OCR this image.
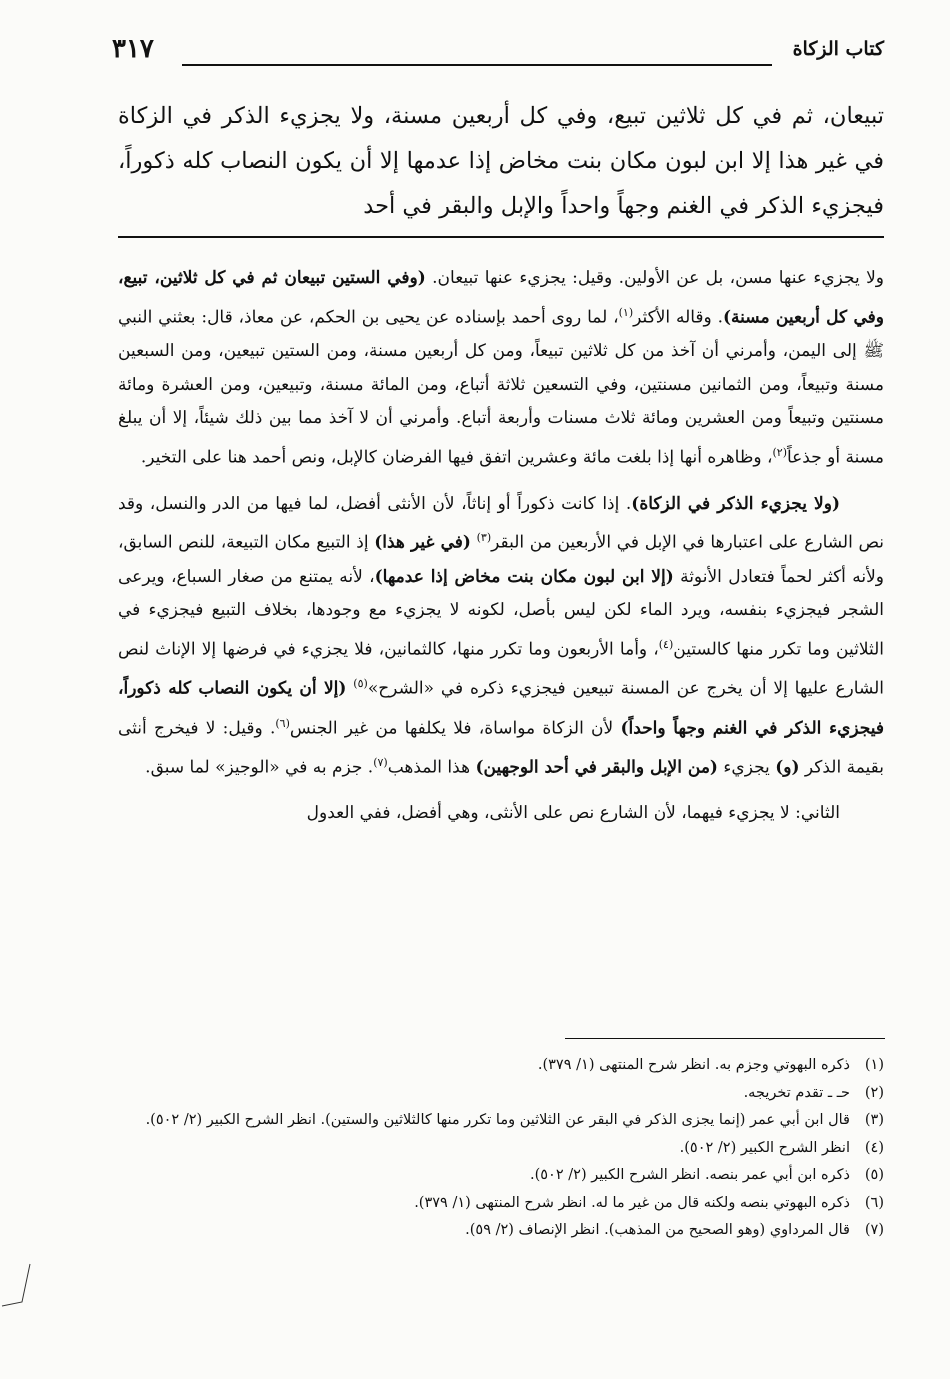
كتاب الزكاة
٣١٧

تبيعان، ثم في كل ثلاثين تبيع، وفي كل أربعين مسنة، ولا يجزيء الذكر في الزكاة في غير هذا إلا ابن لبون مكان بنت مخاض إذا عدمها إلا أن يكون النصاب كله ذكوراً، فيجزيء الذكر في الغنم وجهاً واحداً والإبل والبقر في أحد

ولا يجزيء عنها مسن، بل عن الأولين. وقيل: يجزيء عنها تبيعان. (وفي الستين تبيعان ثم في كل ثلاثين، تبيع، وفي كل أربعين مسنة). وقاله الأكثر$^{(١)}$، لما روى أحمد بإسناده عن يحيى بن الحكم، عن معاذ، قال: بعثني النبي ﷺ إلى اليمن، وأمرني أن آخذ من كل ثلاثين تبيعاً، ومن كل أربعين مسنة، ومن الستين تبيعين، ومن السبعين مسنة وتبيعاً، ومن الثمانين مسنتين، وفي التسعين ثلاثة أتباع، ومن المائة مسنة، وتبيعين، ومن العشرة ومائة مسنتين وتبيعاً ومن العشرين ومائة ثلاث مسنات وأربعة أتباع. وأمرني أن لا آخذ مما بين ذلك شيئاً، إلا أن يبلغ مسنة أو جذعاً$^{(٢)}$، وظاهره أنها إذا بلغت مائة وعشرين اتفق فيها الفرضان كالإبل، ونص أحمد هنا على التخير.

(ولا يجزيء الذكر في الزكاة). إذا كانت ذكوراً أو إناثاً، لأن الأنثى أفضل، لما فيها من الدر والنسل، وقد نص الشارع على اعتبارها في الإبل في الأربعين من البقر$^{(٣)}$ (في غير هذا) إذ التبيع مكان التبيعة، للنص السابق، ولأنه أكثر لحماً فتعادل الأنوثة (إلا ابن لبون مكان بنت مخاض إذا عدمها)، لأنه يمتنع من صغار السباع، ويرعى الشجر فيجزيء بنفسه، ويرد الماء لكن ليس بأصل، لكونه لا يجزيء مع وجودها، بخلاف التبيع فيجزيء في الثلاثين وما تكرر منها كالستين$^{(٤)}$، وأما الأربعون وما تكرر منها، كالثمانين، فلا يجزيء في فرضها إلا الإناث لنص الشارع عليها إلا أن يخرج عن المسنة تبيعين فيجزيء ذكره في «الشرح»$^{(٥)}$ (إلا أن يكون النصاب كله ذكوراً، فيجزيء الذكر في الغنم وجهاً واحداً) لأن الزكاة مواساة، فلا يكلفها من غير الجنس$^{(٦)}$. وقيل: لا فيخرج أنثى بقيمة الذكر (و) يجزيء (من الإبل والبقر في أحد الوجهين) هذا المذهب$^{(٧)}$. جزم به في «الوجيز» لما سبق.

الثاني: لا يجزيء فيهما، لأن الشارع نص على الأنثى، وهي أفضل، ففي العدول

(١)
ذكره البهوتي وجزم به. انظر شرح المنتهى (١/ ٣٧٩).
(٢)
حـ ـ تقدم تخريجه.
(٣)
قال ابن أبي عمر (إنما يجزى الذكر في البقر عن الثلاثين وما تكرر منها كالثلاثين والستين). انظر الشرح الكبير (٢/ ٥٠٢).
(٤)
انظر الشرح الكبير (٢/ ٥٠٢).
(٥)
ذكره ابن أبي عمر بنصه. انظر الشرح الكبير (٢/ ٥٠٢).
(٦)
ذكره البهوتي بنصه ولكنه قال من غير ما له. انظر شرح المنتهى (١/ ٣٧٩).
(٧)
قال المرداوي (وهو الصحيح من المذهب). انظر الإنصاف (٢/ ٥٩).
